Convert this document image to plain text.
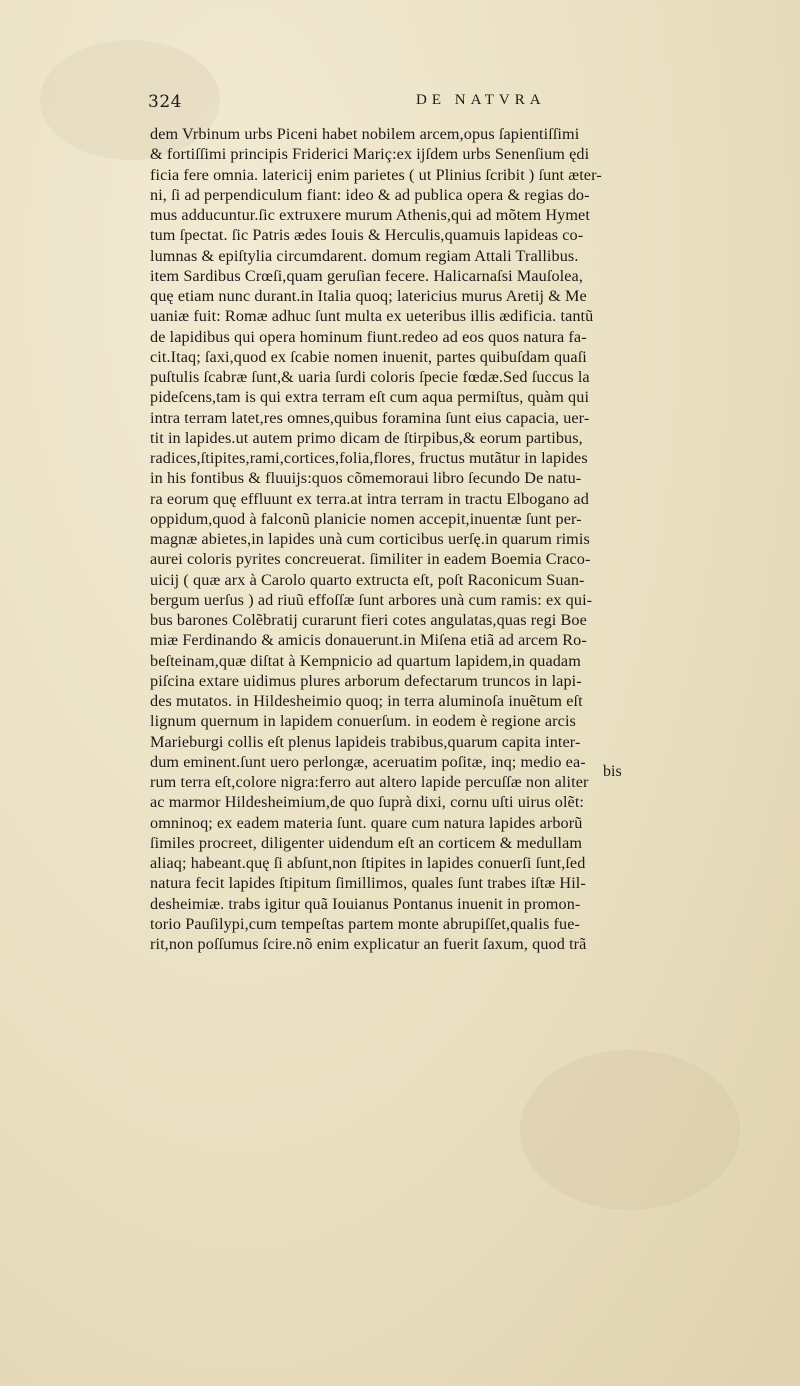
324	DE NATVRA
dem Vrbinum urbs Piceni habet nobilem arcem,opus ſapientiſſimi
& fortiſſimi principis Friderici Mariç:ex ijſdem urbs Senenſium ędi
ficia fere omnia. latericij enim parietes ( ut Plinius ſcribit ) ſunt æter-
ni, ſi ad perpendiculum fiant: ideo & ad publica opera & regias do-
mus adducuntur.ſic extruxere murum Athenis,qui ad mõtem Hymet
tum ſpectat. ſic Patris ædes Iouis & Herculis,quamuis lapideas co-
lumnas & epiſtylia circumdarent. domum regiam Attali Trallibus.
item Sardibus Crœſi,quam geruſian fecere. Halicarnaſsi Mauſolea,
quę etiam nunc durant.in Italia quoq; latericius murus Aretij & Me
uaniæ fuit: Romæ adhuc ſunt multa ex ueteribus illis ædificia. tantũ
de lapidibus qui opera hominum fiunt.redeo ad eos quos natura fa-
cit.Itaq; ſaxi,quod ex ſcabie nomen inuenit, partes quibuſdam quaſi
puſtulis ſcabræ ſunt,& uaria ſurdi coloris ſpecie fœdæ.Sed ſuccus la
pideſcens,tam is qui extra terram eſt cum aqua permiſtus, quàm qui
intra terram latet,res omnes,quibus foramina ſunt eius capacia, uer-
tit in lapides.ut autem primo dicam de ſtirpibus,& eorum partibus,
radices,ſtipites,rami,cortices,folia,flores, fructus mutãtur in lapides
in his fontibus & fluuijs:quos cõmemoraui libro ſecundo De natu-
ra eorum quę effluunt ex terra.at intra terram in tractu Elbogano ad
oppidum,quod à falconũ planicie nomen accepit,inuentæ ſunt per-
magnæ abietes,in lapides unà cum corticibus uerſę.in quarum rimis
aurei coloris pyrites concreuerat. ſimiliter in eadem Boemia Craco-
uicij ( quæ arx à Carolo quarto extructa eſt, poſt Raconicum Suan-
bergum uerſus ) ad riuũ effoſſæ ſunt arbores unà cum ramis: ex qui-
bus barones Colẽbratij curarunt fieri cotes angulatas,quas regi Boe
miæ Ferdinando & amicis donauerunt.in Miſena etiã ad arcem Ro-
beſteinam,quæ diſtat à Kempnicio ad quartum lapidem,in quadam
piſcina extare uidimus plures arborum defectarum truncos in lapi-
des mutatos. in Hildesheimio quoq; in terra aluminoſa inuẽtum eſt
lignum quernum in lapidem conuerſum. in eodem è regione arcis
Marieburgi collis eſt plenus lapideis trabibus,quarum capita inter-
dum eminent.ſunt uero perlongæ, aceruatim poſitæ, inq; medio ea-
rum terra eſt,colore nigra:ferro aut altero lapide percuſſæ non aliter
ac marmor Hildesheimium,de quo ſuprà dixi, cornu uſti uirus olẽt:
omninoq; ex eadem materia ſunt. quare cum natura lapides arborũ
ſimiles procreet, diligenter uidendum eſt an corticem & medullam
aliaq; habeant.quę ſi abſunt,non ſtipites in lapides conuerſi ſunt,ſed
natura fecit lapides ſtipitum ſimillimos, quales ſunt trabes iſtæ Hil-
desheimiæ. trabs igitur quã Iouianus Pontanus inuenit in promon-
torio Pauſilypi,cum tempeſtas partem monte abrupiſſet,qualis fue-
rit,non poſſumus ſcire.nõ enim explicatur an fuerit ſaxum, quod trã
bis
